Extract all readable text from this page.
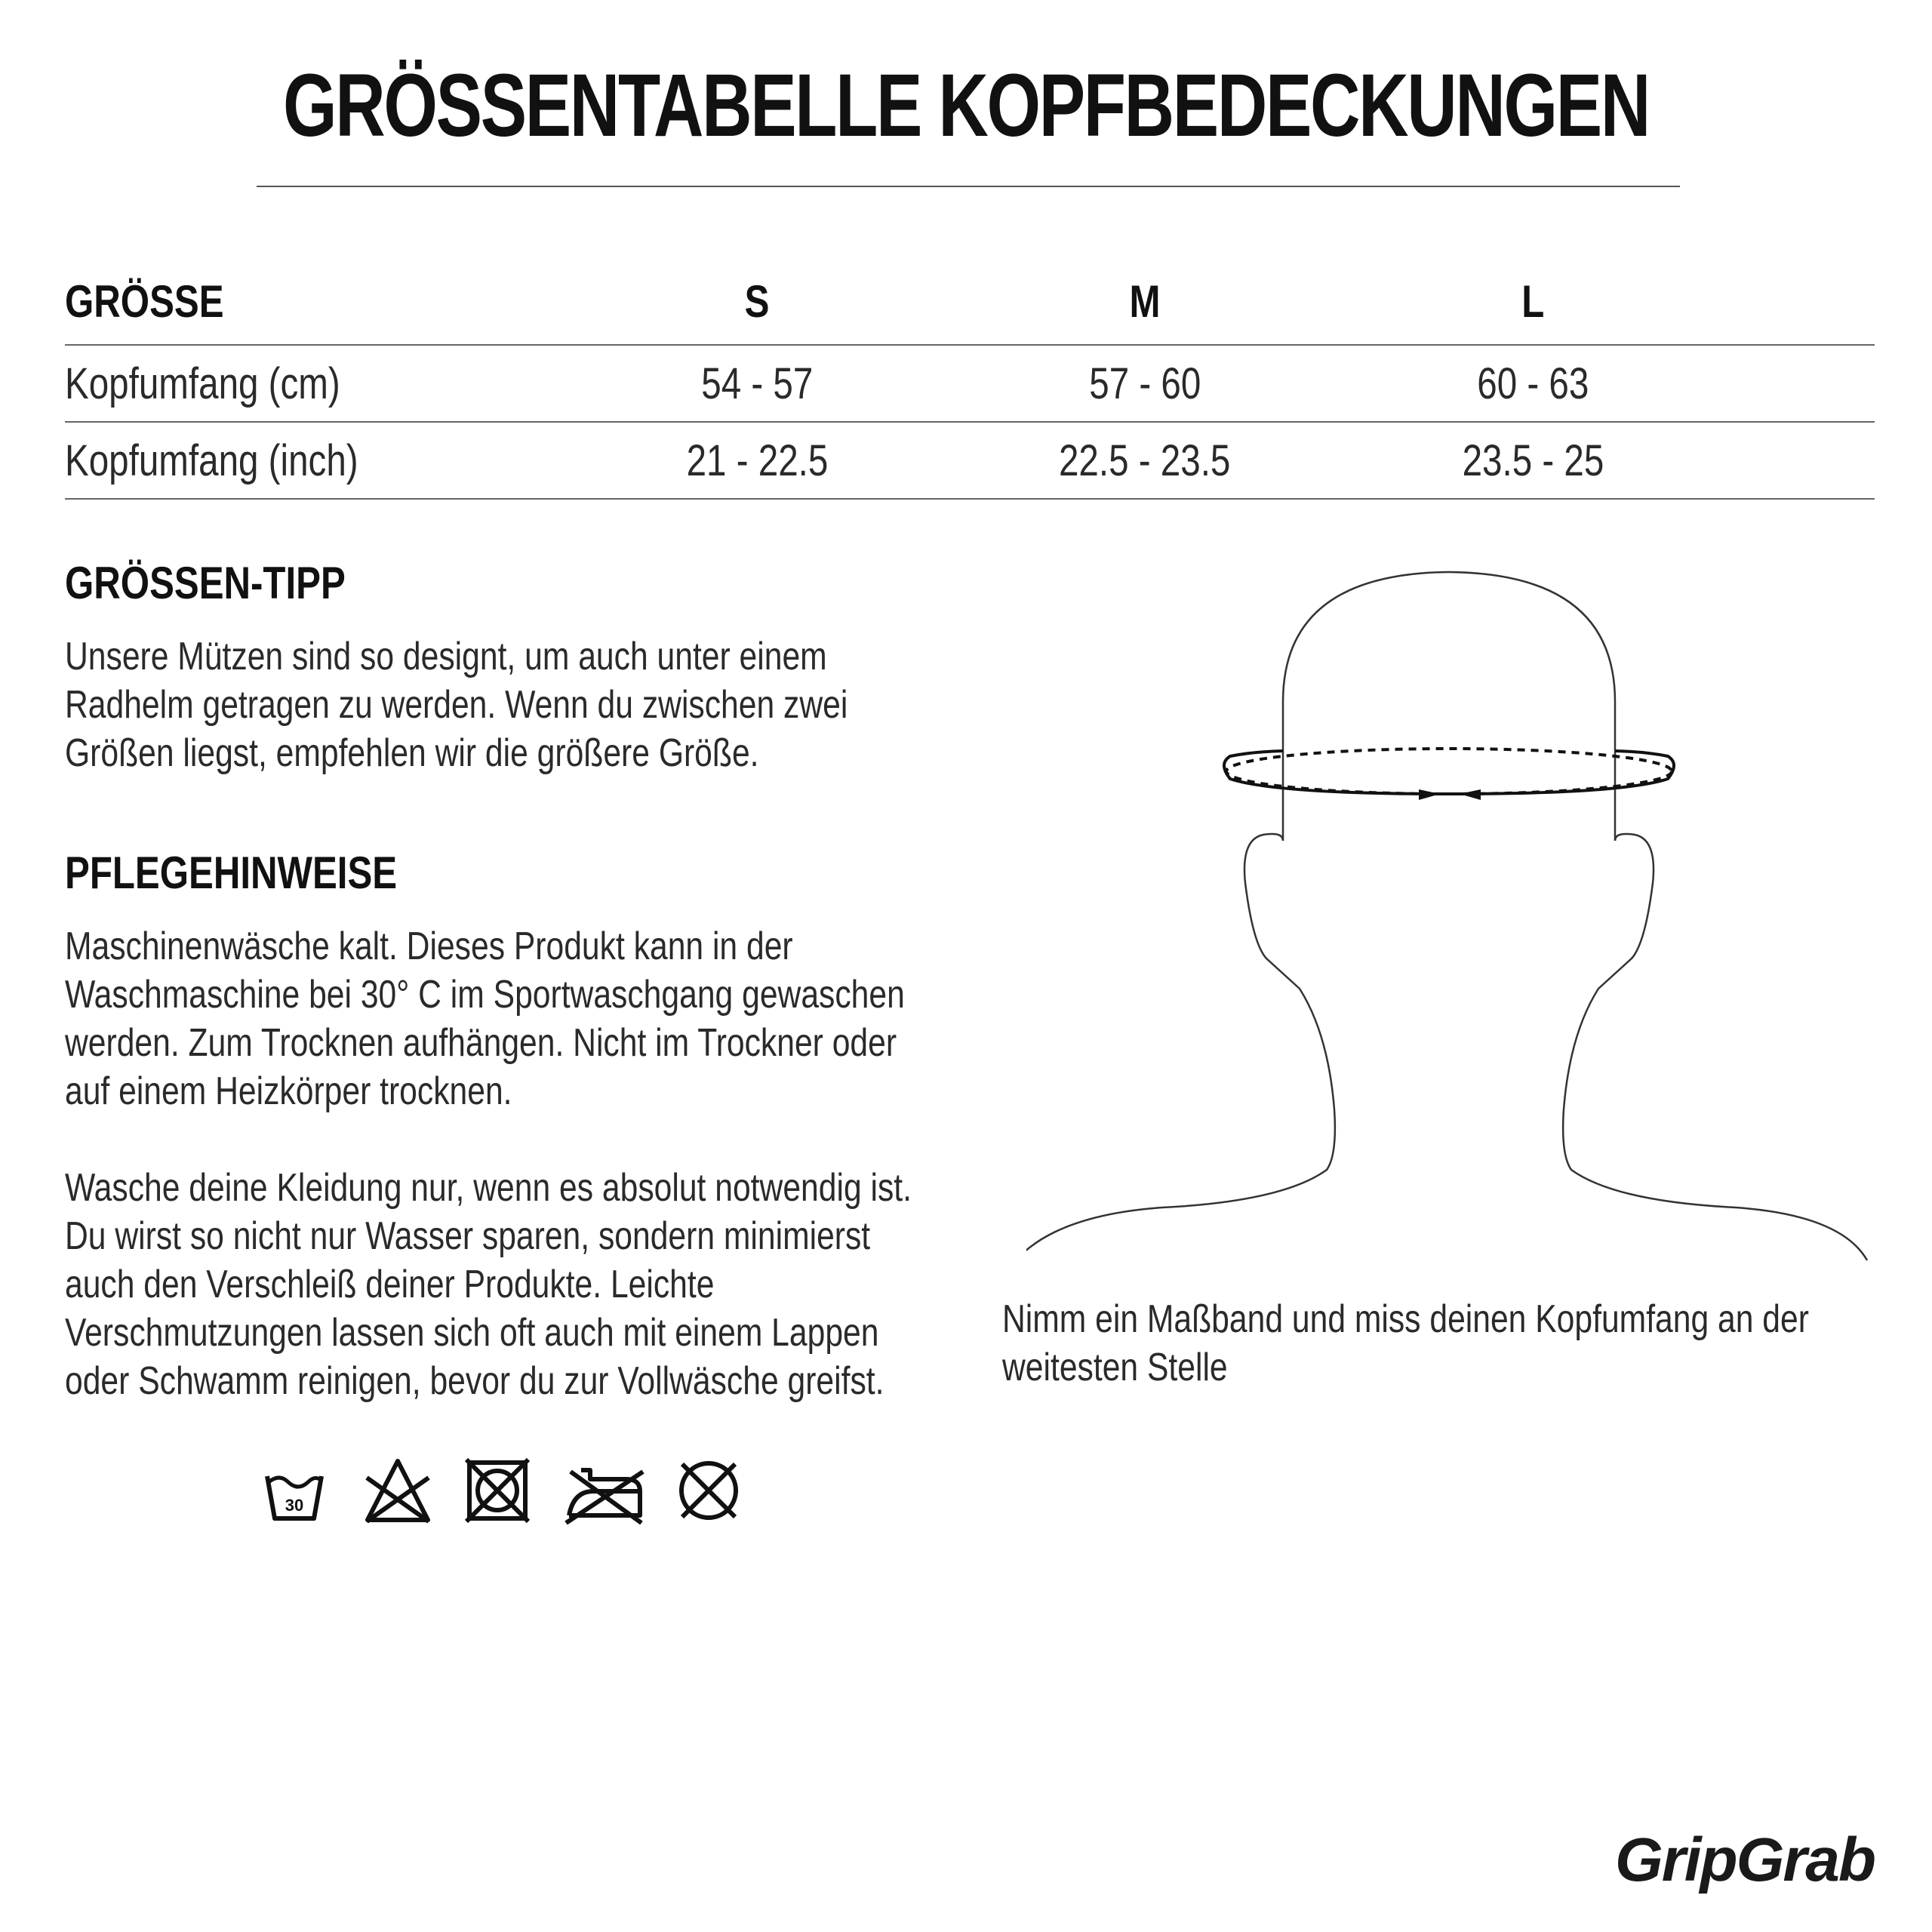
GRÖSSENTABELLE KOPFBEDECKUNGEN
GRÖSSE	S	M	L	
Kopfumfang (cm)	54 - 57	57 - 60	60 - 63	
Kopfumfang (inch)	21 - 22.5	22.5 - 23.5	23.5 - 25	
GRÖSSEN-TIPP

Unsere Mützen sind so designt, um auch unter einem Radhelm getragen zu werden. Wenn du zwischen zwei Größen liegst, empfehlen wir die größere Größe.

PFLEGEHINWEISE

Maschinenwäsche kalt. Dieses Produkt kann in der Waschmaschine bei 30° C im Sportwaschgang gewaschen werden. Zum Trocknen aufhängen. Nicht im Trockner oder auf einem Heizkörper trocknen.

Wasche deine Kleidung nur, wenn es absolut notwendig ist. Du wirst so nicht nur Wasser sparen, sondern minimierst auch den Verschleiß deiner Produkte. Leichte Verschmutzungen lassen sich oft auch mit einem Lappen oder Schwamm reinigen, bevor du zur Vollwäsche greifst.

30

Nimm ein Maßband und miss deinen Kopfumfang an der weitesten Stelle

GripGrab
